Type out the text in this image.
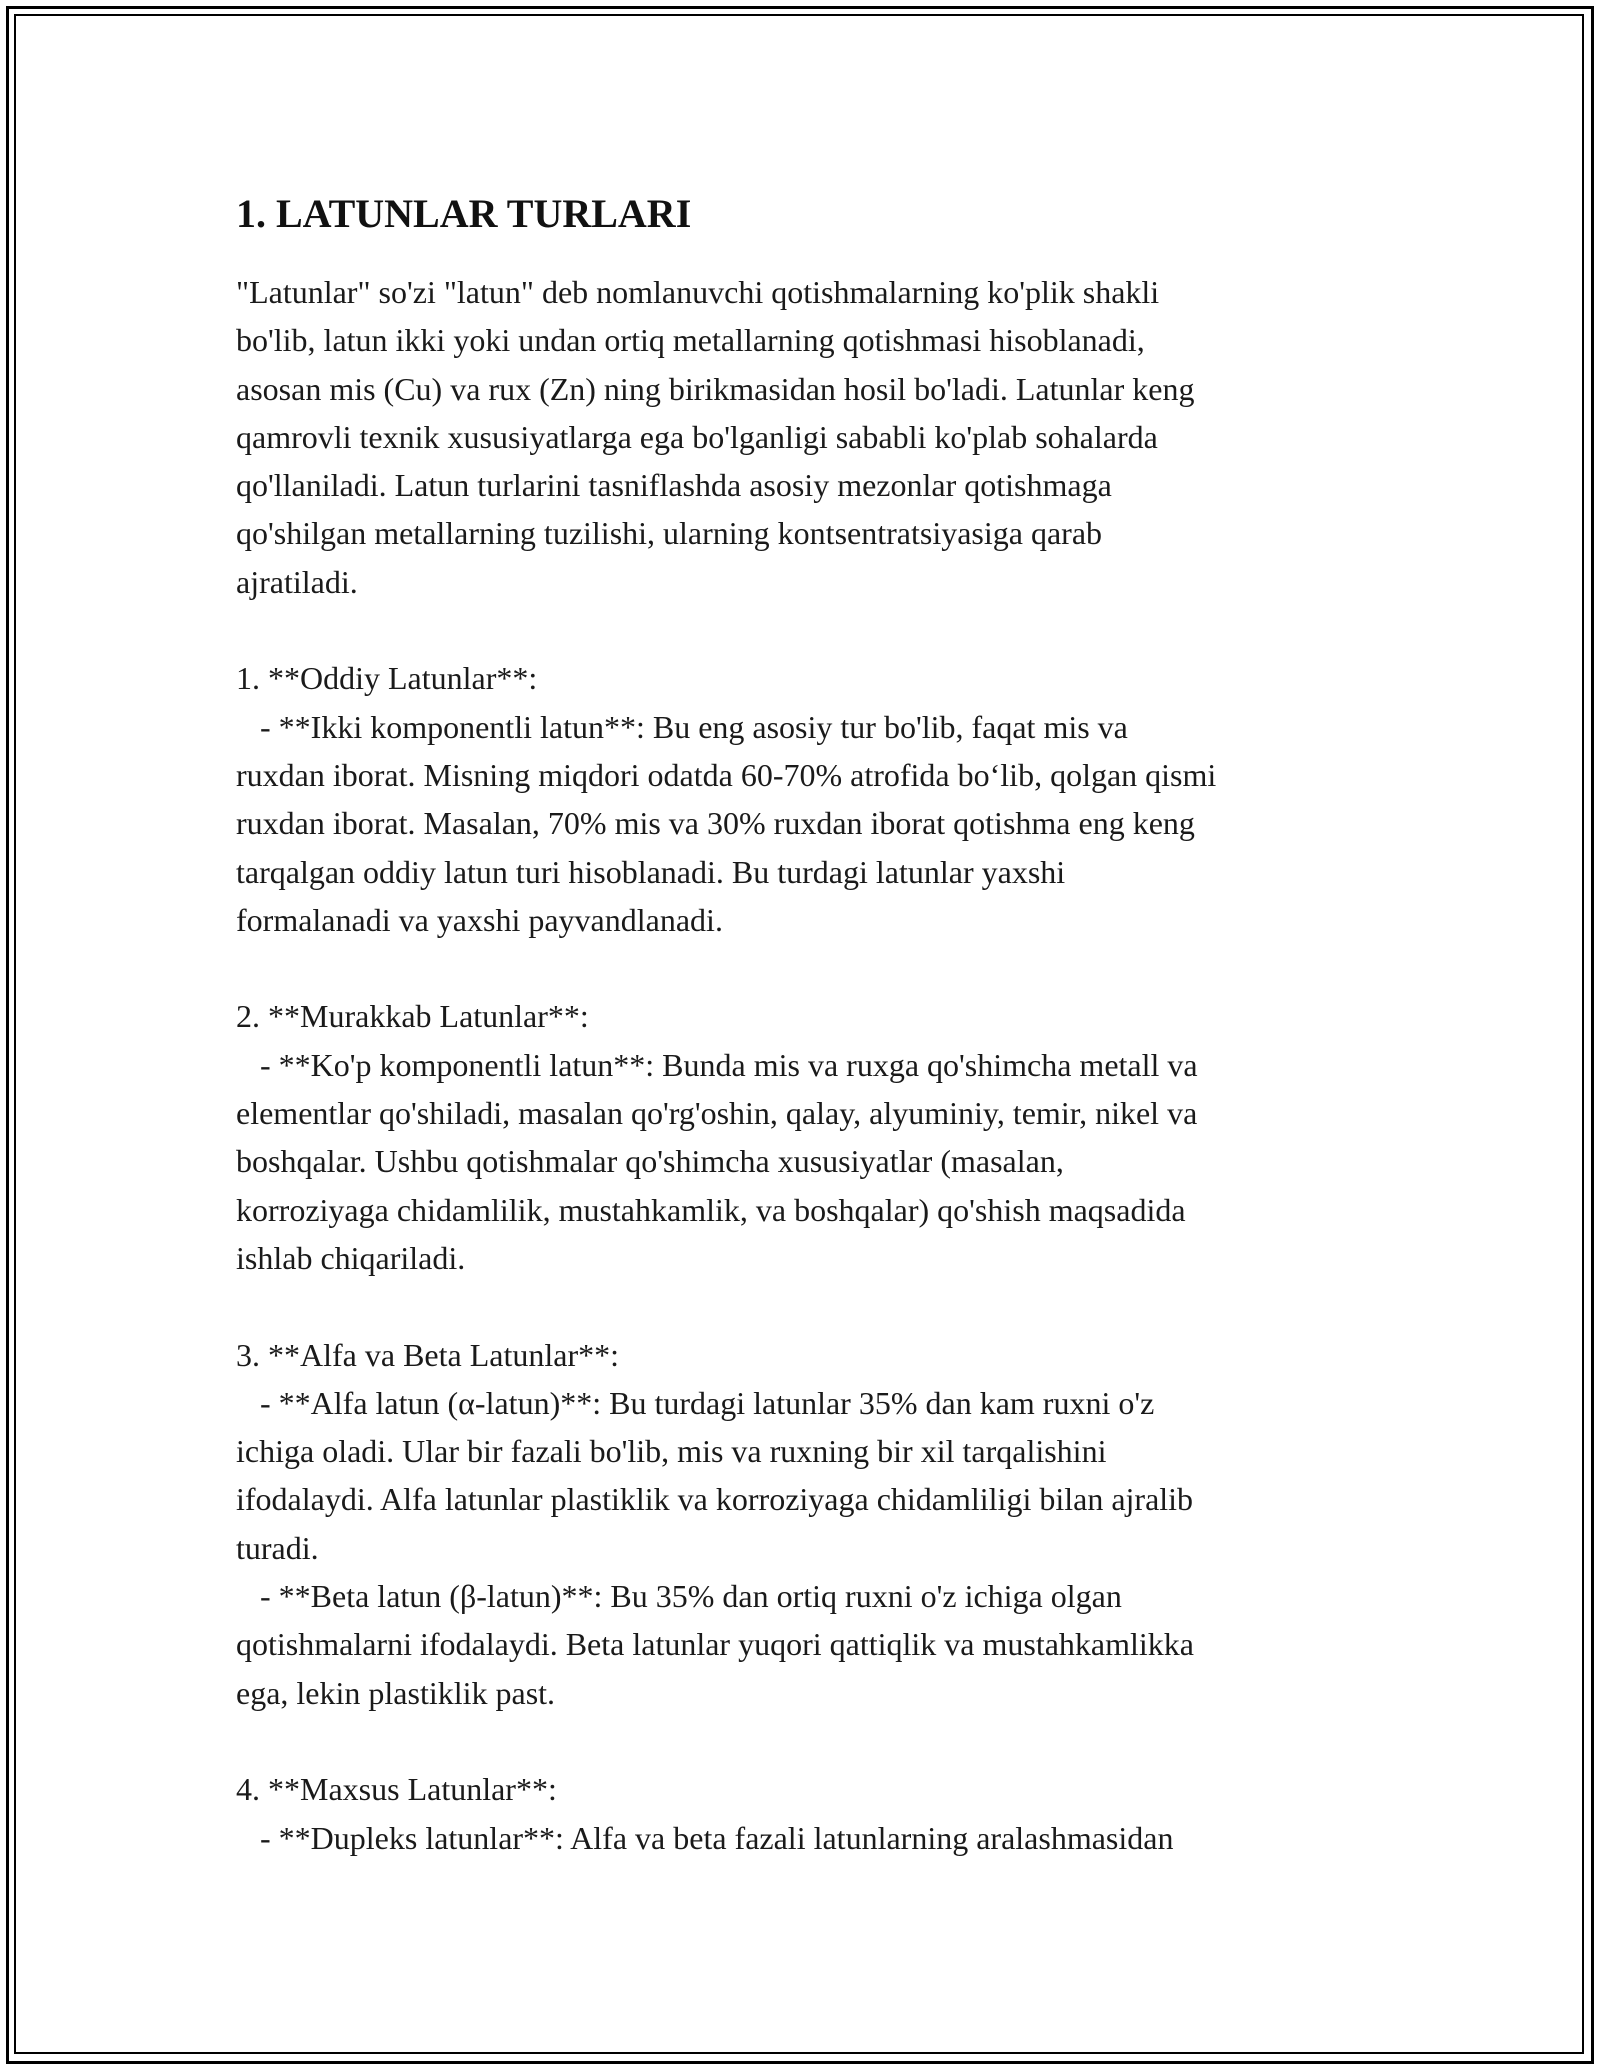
1. LATUNLAR TURLARI
"Latunlar" so'zi "latun" deb nomlanuvchi qotishmalarning ko'plik shakli
bo'lib, latun ikki yoki undan ortiq metallarning qotishmasi hisoblanadi,
asosan mis (Cu) va rux (Zn) ning birikmasidan hosil bo'ladi. Latunlar keng
qamrovli texnik xususiyatlarga ega bo'lganligi sababli ko'plab sohalarda
qo'llaniladi. Latun turlarini tasniflashda asosiy mezonlar qotishmaga
qo'shilgan metallarning tuzilishi, ularning kontsentratsiyasiga qarab
ajratiladi.

1. **Oddiy Latunlar**:
- **Ikki komponentli latun**: Bu eng asosiy tur bo'lib, faqat mis va
ruxdan iborat. Misning miqdori odatda 60-70% atrofida bo‘lib, qolgan qismi
ruxdan iborat. Masalan, 70% mis va 30% ruxdan iborat qotishma eng keng
tarqalgan oddiy latun turi hisoblanadi. Bu turdagi latunlar yaxshi
formalanadi va yaxshi payvandlanadi.

2. **Murakkab Latunlar**:
- **Ko'p komponentli latun**: Bunda mis va ruxga qo'shimcha metall va
elementlar qo'shiladi, masalan qo'rg'oshin, qalay, alyuminiy, temir, nikel va
boshqalar. Ushbu qotishmalar qo'shimcha xususiyatlar (masalan,
korroziyaga chidamlilik, mustahkamlik, va boshqalar) qo'shish maqsadida
ishlab chiqariladi.

3. **Alfa va Beta Latunlar**:
- **Alfa latun (α-latun)**: Bu turdagi latunlar 35% dan kam ruxni o'z
ichiga oladi. Ular bir fazali bo'lib, mis va ruxning bir xil tarqalishini
ifodalaydi. Alfa latunlar plastiklik va korroziyaga chidamliligi bilan ajralib
turadi.
- **Beta latun (β-latun)**: Bu 35% dan ortiq ruxni o'z ichiga olgan
qotishmalarni ifodalaydi. Beta latunlar yuqori qattiqlik va mustahkamlikka
ega, lekin plastiklik past.

4. **Maxsus Latunlar**:
- **Dupleks latunlar**: Alfa va beta fazali latunlarning aralashmasidan
